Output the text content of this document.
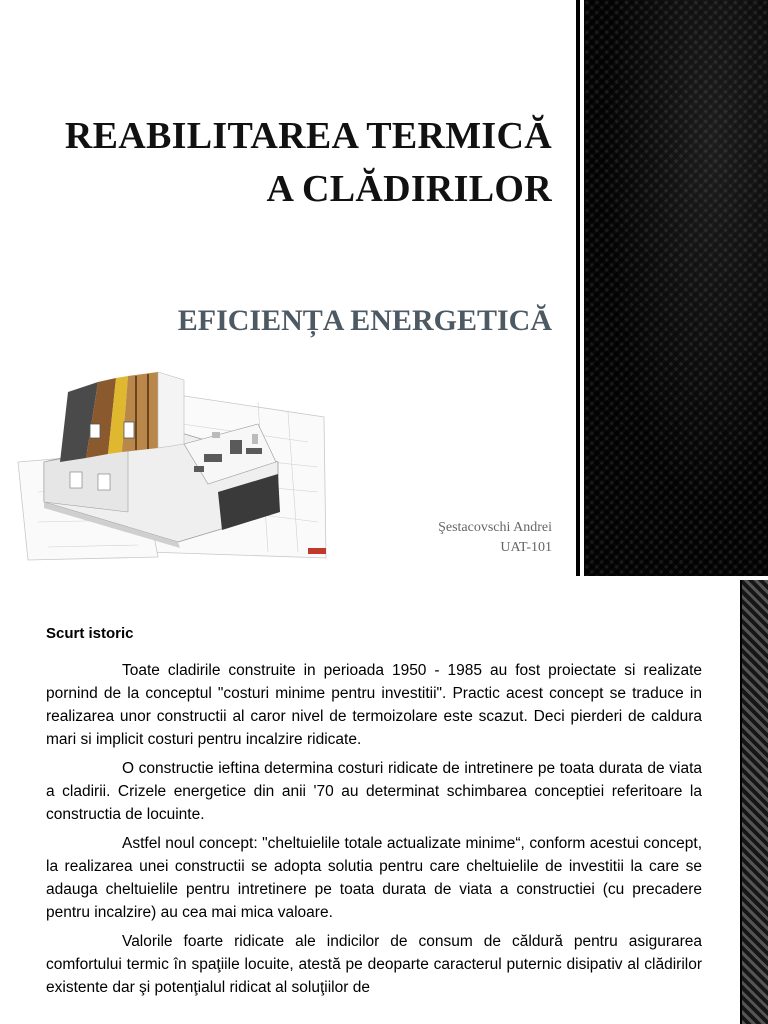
REABILITAREA TERMICĂ
A CLĂDIRILOR
EFICIENȚA ENERGETICĂ
Şestacovschi Andrei
UAT-101
Scurt istoric

Toate cladirile construite in perioada 1950 - 1985 au fost proiectate si realizate pornind de la conceptul "costuri minime pentru investitii". Practic acest concept se traduce in realizarea unor constructii al caror nivel de termoizolare este scazut. Deci pierderi de caldura mari si implicit costuri pentru incalzire ridicate.

O constructie ieftina determina costuri ridicate de intretinere pe toata durata de viata a cladirii. Crizele energetice din anii '70 au determinat schimbarea conceptiei referitoare la constructia de locuinte.

Astfel noul concept: "cheltuielile totale actualizate minime“, conform acestui concept, la realizarea unei constructii se adopta solutia pentru care cheltuielile de investitii la care se adauga cheltuielile pentru intretinere pe toata durata de viata a constructiei (cu precadere pentru incalzire) au cea mai mica valoare.

Valorile foarte ridicate ale indicilor de consum de căldură pentru asigurarea comfortului termic în spaţiile locuite, atestă pe deoparte caracterul puternic disipativ al clădirilor existente dar şi potenţialul ridicat al soluţiilor de
